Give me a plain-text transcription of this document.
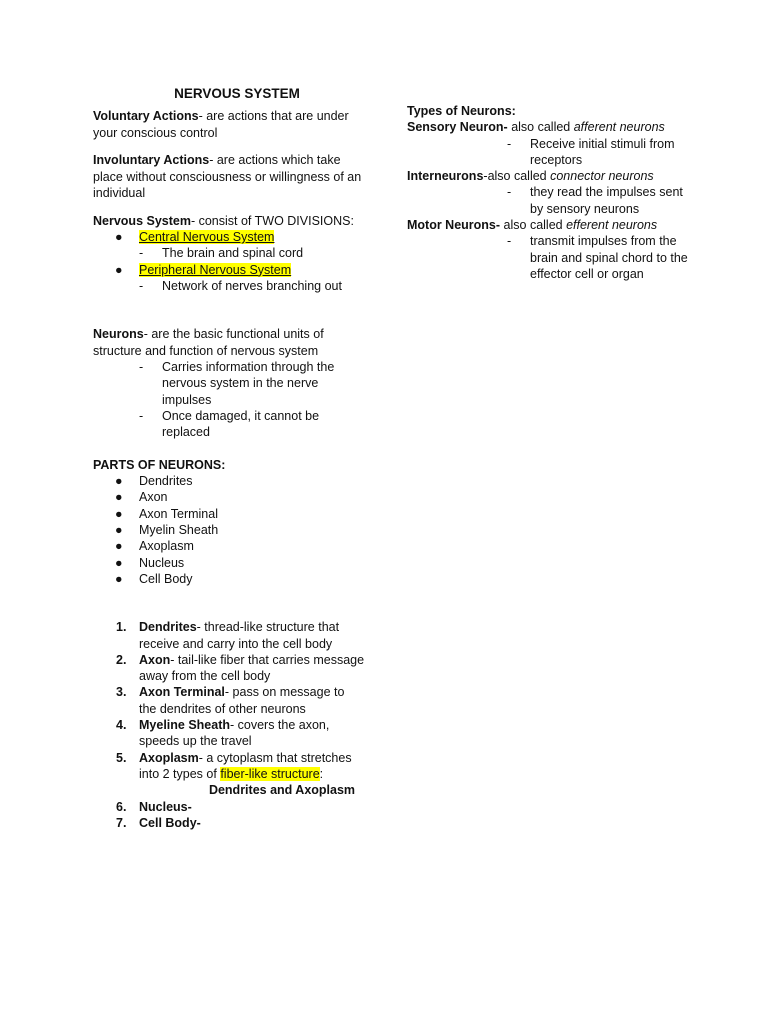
NERVOUS SYSTEM

Voluntary Actions- are actions that are under your conscious control

Involuntary Actions- are actions which take place without consciousness or willingness of an individual

Nervous System- consist of TWO DIVISIONS:

● Central Nervous System
- The brain and spinal cord
● Peripheral Nervous System
- Network of nerves branching out

Neurons- are the basic functional units of structure and function of nervous system

- Carries information through the nervous system in the nerve impulses
- Once damaged, it cannot be replaced

PARTS OF NEURONS:

● Dendrites
● Axon
● Axon Terminal
● Myelin Sheath
● Axoplasm
● Nucleus
● Cell Body
1. Dendrites- thread-like structure that receive and carry into the cell body
2. Axon- tail-like fiber that carries message away from the cell body
3. Axon Terminal- pass on message to the dendrites of other neurons
4. Myeline Sheath- covers the axon, speeds up the travel
5. Axoplasm- a cytoplasm that stretches into 2 types of fiber-like structure:
Dendrites and Axoplasm
6. Nucleus-
7. Cell Body-
Types of Neurons:
Sensory Neuron- also called afferent neurons
- Receive initial stimuli from receptors
Interneurons-also called connector neurons
- they read the impulses sent by sensory neurons
Motor Neurons- also called efferent neurons
- transmit impulses from the brain and spinal chord to the effector cell or organ
